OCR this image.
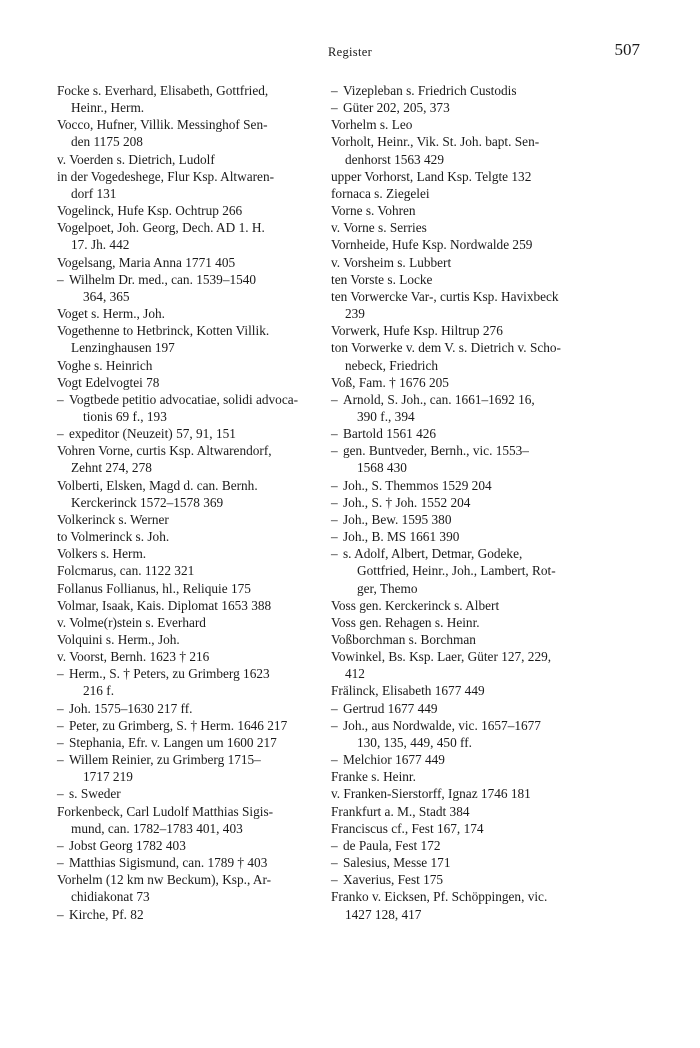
Register	507
Focke s. Everhard, Elisabeth, Gottfried,
Heinr., Herm.
Vocco, Hufner, Villik. Messinghof Sen-
den 1175 208
v. Voerden s. Dietrich, Ludolf
in der Vogedeshege, Flur Ksp. Altwaren-
dorf 131
Vogelinck, Hufe Ksp. Ochtrup 266
Vogelpoet, Joh. Georg, Dech. AD 1. H.
17. Jh. 442
Vogelsang, Maria Anna 1771 405
– Wilhelm Dr. med., can. 1539–1540
364, 365
Voget s. Herm., Joh.
Vogethenne to Hetbrinck, Kotten Villik.
Lenzinghausen 197
Voghe s. Heinrich
Vogt Edelvogtei 78
– Vogtbede petitio advocatiae, solidi advoca-
tionis 69 f., 193
– expeditor (Neuzeit) 57, 91, 151
Vohren Vorne, curtis Ksp. Altwarendorf,
Zehnt 274, 278
Volberti, Elsken, Magd d. can. Bernh.
Kerckerinck 1572–1578 369
Volkerinck s. Werner
to Volmerinck s. Joh.
Volkers s. Herm.
Folcmarus, can. 1122 321
Follanus Follianus, hl., Reliquie 175
Volmar, Isaak, Kais. Diplomat 1653 388
v. Volme(r)stein s. Everhard
Volquini s. Herm., Joh.
v. Voorst, Bernh. 1623 † 216
– Herm., S. † Peters, zu Grimberg 1623
216 f.
– Joh. 1575–1630 217 ff.
– Peter, zu Grimberg, S. † Herm. 1646 217
– Stephania, Efr. v. Langen um 1600 217
– Willem Reinier, zu Grimberg 1715–
1717 219
– s. Sweder
Forkenbeck, Carl Ludolf Matthias Sigis-
mund, can. 1782–1783 401, 403
– Jobst Georg 1782 403
– Matthias Sigismund, can. 1789 † 403
Vorhelm (12 km nw Beckum), Ksp., Ar-
chidiakonat 73
– Kirche, Pf. 82
– Vizepleban s. Friedrich Custodis
– Güter 202, 205, 373
Vorhelm s. Leo
Vorholt, Heinr., Vik. St. Joh. bapt. Sen-
denhorst 1563 429
upper Vorhorst, Land Ksp. Telgte 132
fornaca s. Ziegelei
Vorne s. Vohren
v. Vorne s. Serries
Vornheide, Hufe Ksp. Nordwalde 259
v. Vorsheim s. Lubbert
ten Vorste s. Locke
ten Vorwercke Var-, curtis Ksp. Havixbeck
239
Vorwerk, Hufe Ksp. Hiltrup 276
ton Vorwerke v. dem V. s. Dietrich v. Scho-
nebeck, Friedrich
Voß, Fam. † 1676 205
– Arnold, S. Joh., can. 1661–1692 16,
390 f., 394
– Bartold 1561 426
– gen. Buntveder, Bernh., vic. 1553–
1568 430
– Joh., S. Themmos 1529 204
– Joh., S. † Joh. 1552 204
– Joh., Bew. 1595 380
– Joh., B. MS 1661 390
– s. Adolf, Albert, Detmar, Godeke,
Gottfried, Heinr., Joh., Lambert, Rot-
ger, Themo
Voss gen. Kerckerinck s. Albert
Voss gen. Rehagen s. Heinr.
Voßborchman s. Borchman
Vowinkel, Bs. Ksp. Laer, Güter 127, 229,
412
Frälinck, Elisabeth 1677 449
– Gertrud 1677 449
– Joh., aus Nordwalde, vic. 1657–1677
130, 135, 449, 450 ff.
– Melchior 1677 449
Franke s. Heinr.
v. Franken-Sierstorff, Ignaz 1746 181
Frankfurt a. M., Stadt 384
Franciscus cf., Fest 167, 174
– de Paula, Fest 172
– Salesius, Messe 171
– Xaverius, Fest 175
Franko v. Eicksen, Pf. Schöppingen, vic.
1427 128, 417
